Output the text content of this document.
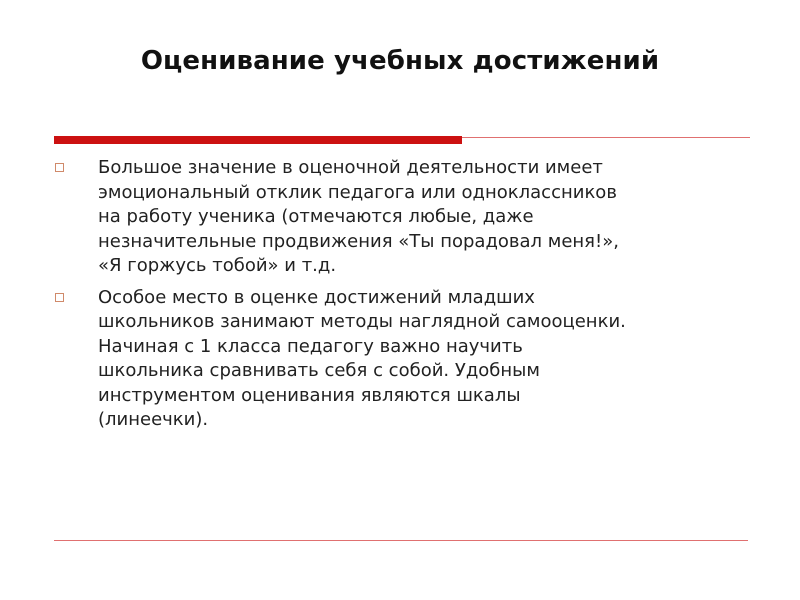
Оценивание учебных достижений
Большое значение в оценочной деятельности имеет
эмоциональный отклик педагога или одноклассников
на работу ученика (отмечаются любые, даже
незначительные продвижения «Ты порадовал меня!»,
«Я горжусь тобой» и т.д.
Особое место в оценке достижений младших
школьников занимают методы наглядной самооценки.
Начиная с 1 класса педагогу важно научить
школьника сравнивать себя с собой. Удобным
инструментом оценивания являются шкалы
(линеечки).
